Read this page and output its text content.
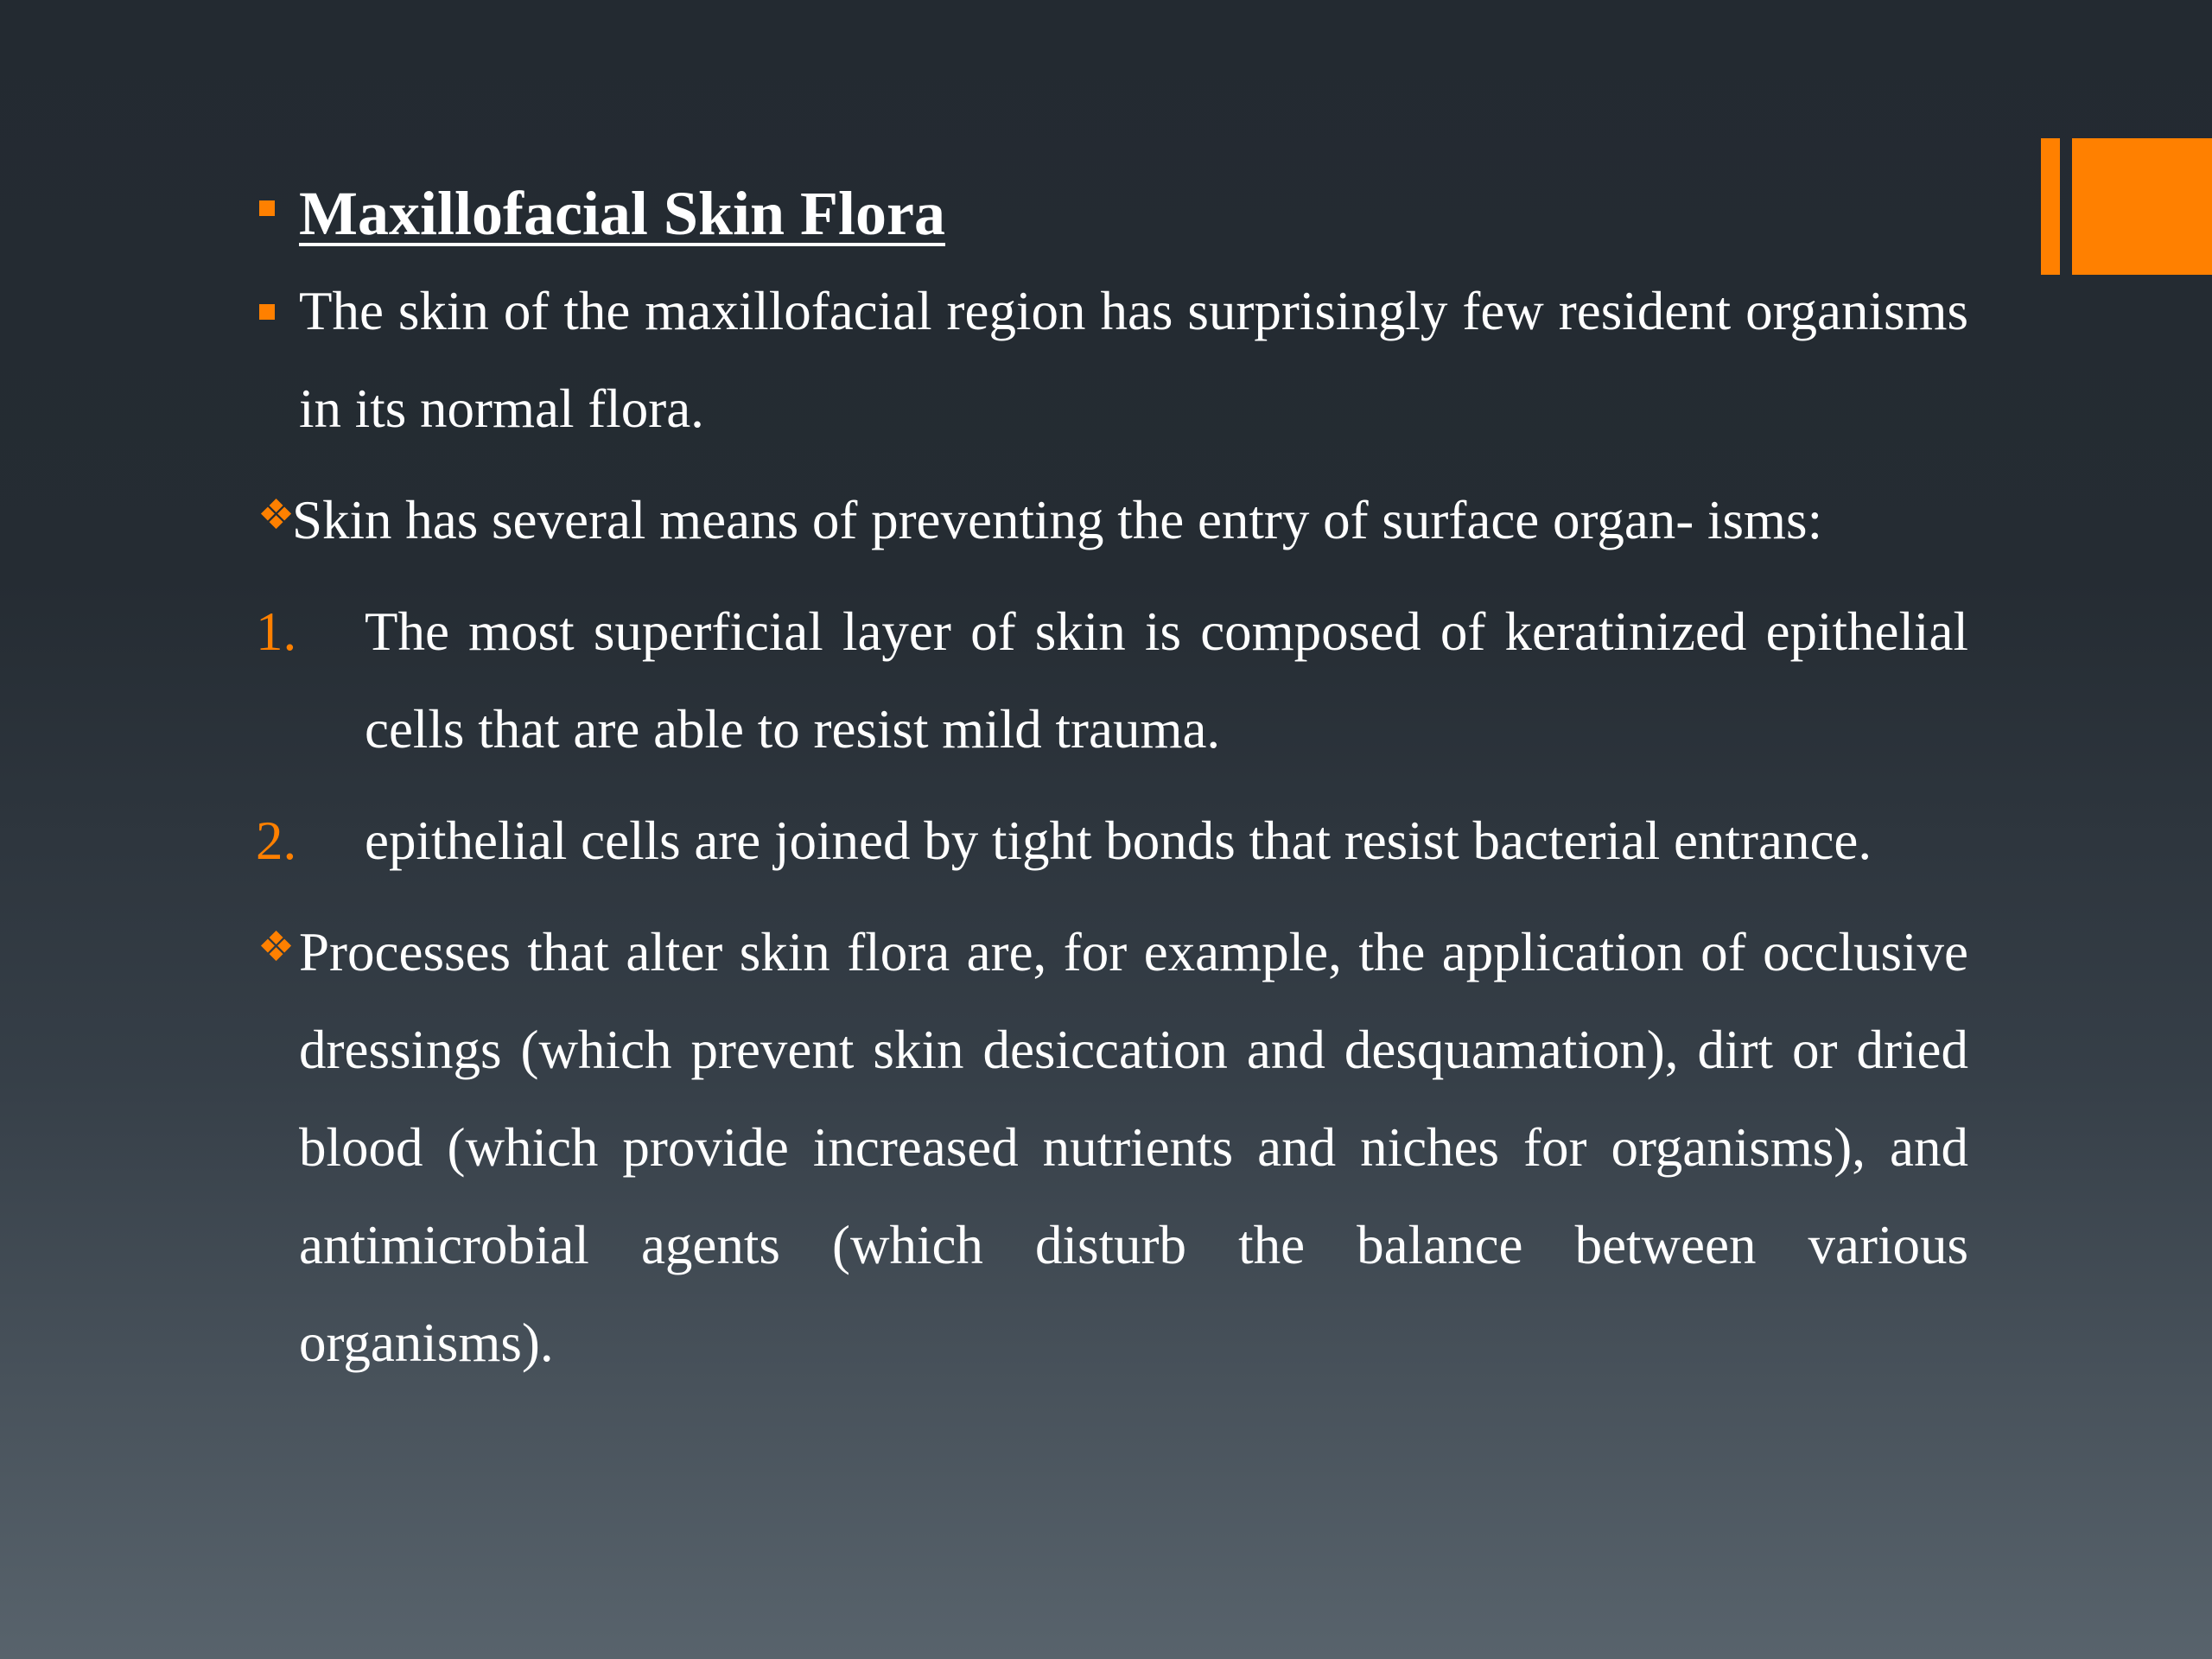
Maxillofacial Skin Flora
The skin of the maxillofacial region has surprisingly few resident organisms in its normal flora.
❖
Skin has several means of preventing the entry of surface organ- isms:
1. The most superficial layer of skin is composed of keratinized epithelial cells that are able to resist mild trauma.
2. epithelial cells are joined by tight bonds that resist bacterial entrance.
❖ Processes that alter skin flora are, for example, the application of occlusive dressings (which prevent skin desiccation and desquamation), dirt or dried blood (which provide increased nutrients and niches for organisms), and antimicrobial agents (which disturb the balance between various organisms).
